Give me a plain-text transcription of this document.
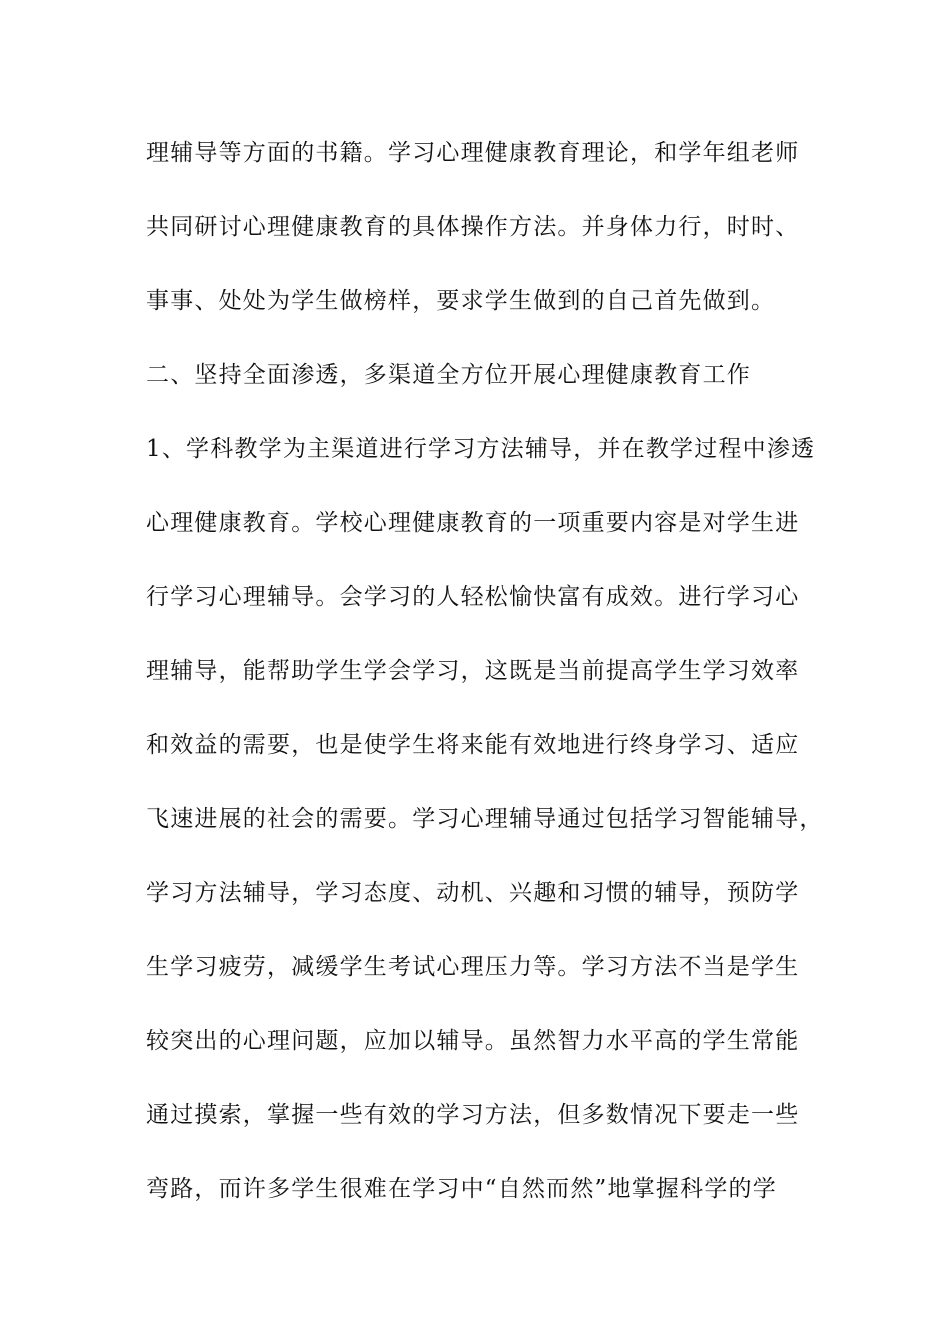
理辅导等方面的书籍。学习心理健康教育理论，和学年组老师
共同研讨心理健康教育的具体操作方法。并身体力行，时时、
事事、处处为学生做榜样，要求学生做到的自己首先做到。
二、坚持全面渗透，多渠道全方位开展心理健康教育工作
1、学科教学为主渠道进行学习方法辅导，并在教学过程中渗透
心理健康教育。学校心理健康教育的一项重要内容是对学生进
行学习心理辅导。会学习的人轻松愉快富有成效。进行学习心
理辅导，能帮助学生学会学习，这既是当前提高学生学习效率
和效益的需要，也是使学生将来能有效地进行终身学习、适应
飞速进展的社会的需要。学习心理辅导通过包括学习智能辅导，
学习方法辅导，学习态度、动机、兴趣和习惯的辅导，预防学
生学习疲劳，减缓学生考试心理压力等。学习方法不当是学生
较突出的心理问题，应加以辅导。虽然智力水平高的学生常能
通过摸索，掌握一些有效的学习方法，但多数情况下要走一些
弯路，而许多学生很难在学习中“自然而然”地掌握科学的学
